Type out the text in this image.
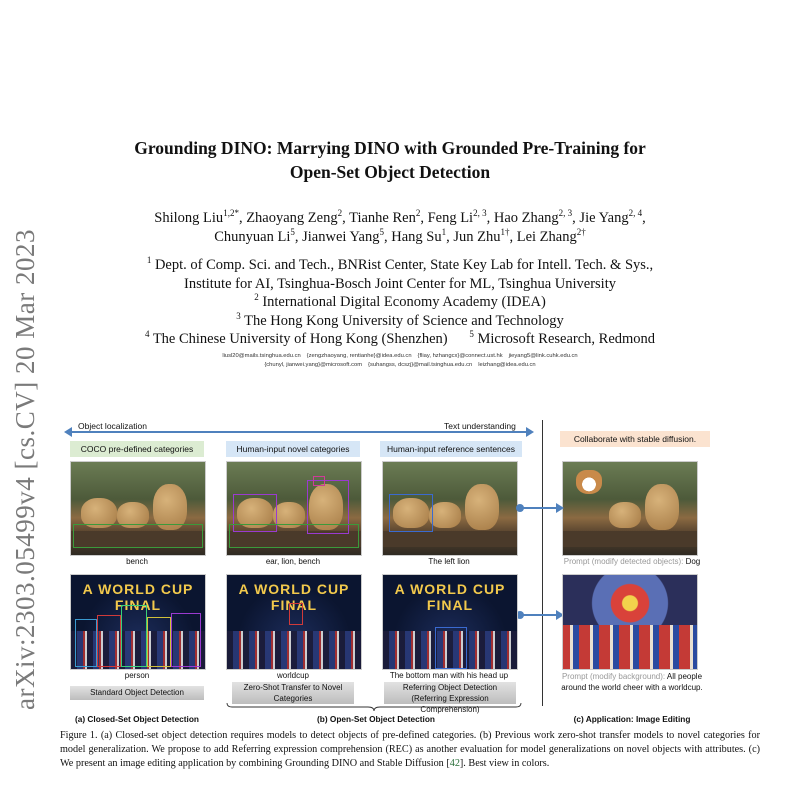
arXiv:2303.05499v4 [cs.CV] 20 Mar 2023
Grounding DINO: Marrying DINO with Grounded Pre-Training for
Open-Set Object Detection
Shilong Liu$^{1,2*}$, Zhaoyang Zeng$^2$, Tianhe Ren$^2$, Feng Li$^{2, 3}$, Hao Zhang$^{2, 3}$, Jie Yang$^{2, 4}$,
Chunyuan Li$^5$, Jianwei Yang$^5$, Hang Su$^1$, Jun Zhu$^{1\dagger}$, Lei Zhang$^{2\dagger}$
$^1$ Dept. of Comp. Sci. and Tech., BNRist Center, State Key Lab for Intell. Tech. & Sys.,
Institute for AI, Tsinghua-Bosch Joint Center for ML, Tsinghua University
$^2$ International Digital Economy Academy (IDEA)
$^3$ The Hong Kong University of Science and Technology
$^4$ The Chinese University of Hong Kong (Shenzhen) $^5$ Microsoft Research, Redmond
liusl20@mails.tsinghua.edu.cn {zengzhaoyang, rentianhe}@idea.edu.cn {fliay, hzhangcx}@connect.ust.hk jieyang5@link.cuhk.edu.cn
{chunyl, jianwei.yang}@microsoft.com {suhangss, dcszj}@mail.tsinghua.edu.cn leizhang@idea.edu.cn
Object localization	Text understanding
COCO pre-defined categories	Human-input novel categories	Human-input reference sentences
Collaborate with stable diffusion.
bench	ear, lion, bench	The left lion	Prompt (modify detected objects): Dog
A WORLD CUP FINAL
A WORLD CUP FINAL
A WORLD CUP FINAL
person	worldcup	The bottom man with his head up	Prompt (modify background): All people around the world cheer with a worldcup.
Standard Object Detection
Zero-Shot Transfer to Novel Categories
Referring Object Detection (Referring Expression Comprehension)
(a) Closed-Set Object Detection	(b) Open-Set Object Detection	(c) Application: Image Editing
Figure 1. (a) Closed-set object detection requires models to detect objects of pre-defined categories. (b) Previous work zero-shot transfer models to novel categories for model generalization. We propose to add Referring expression comprehension (REC) as another evaluation for model generalizations on novel objects with attributes. (c) We present an image editing application by combining Grounding DINO and Stable Diffusion [42]. Best view in colors.
